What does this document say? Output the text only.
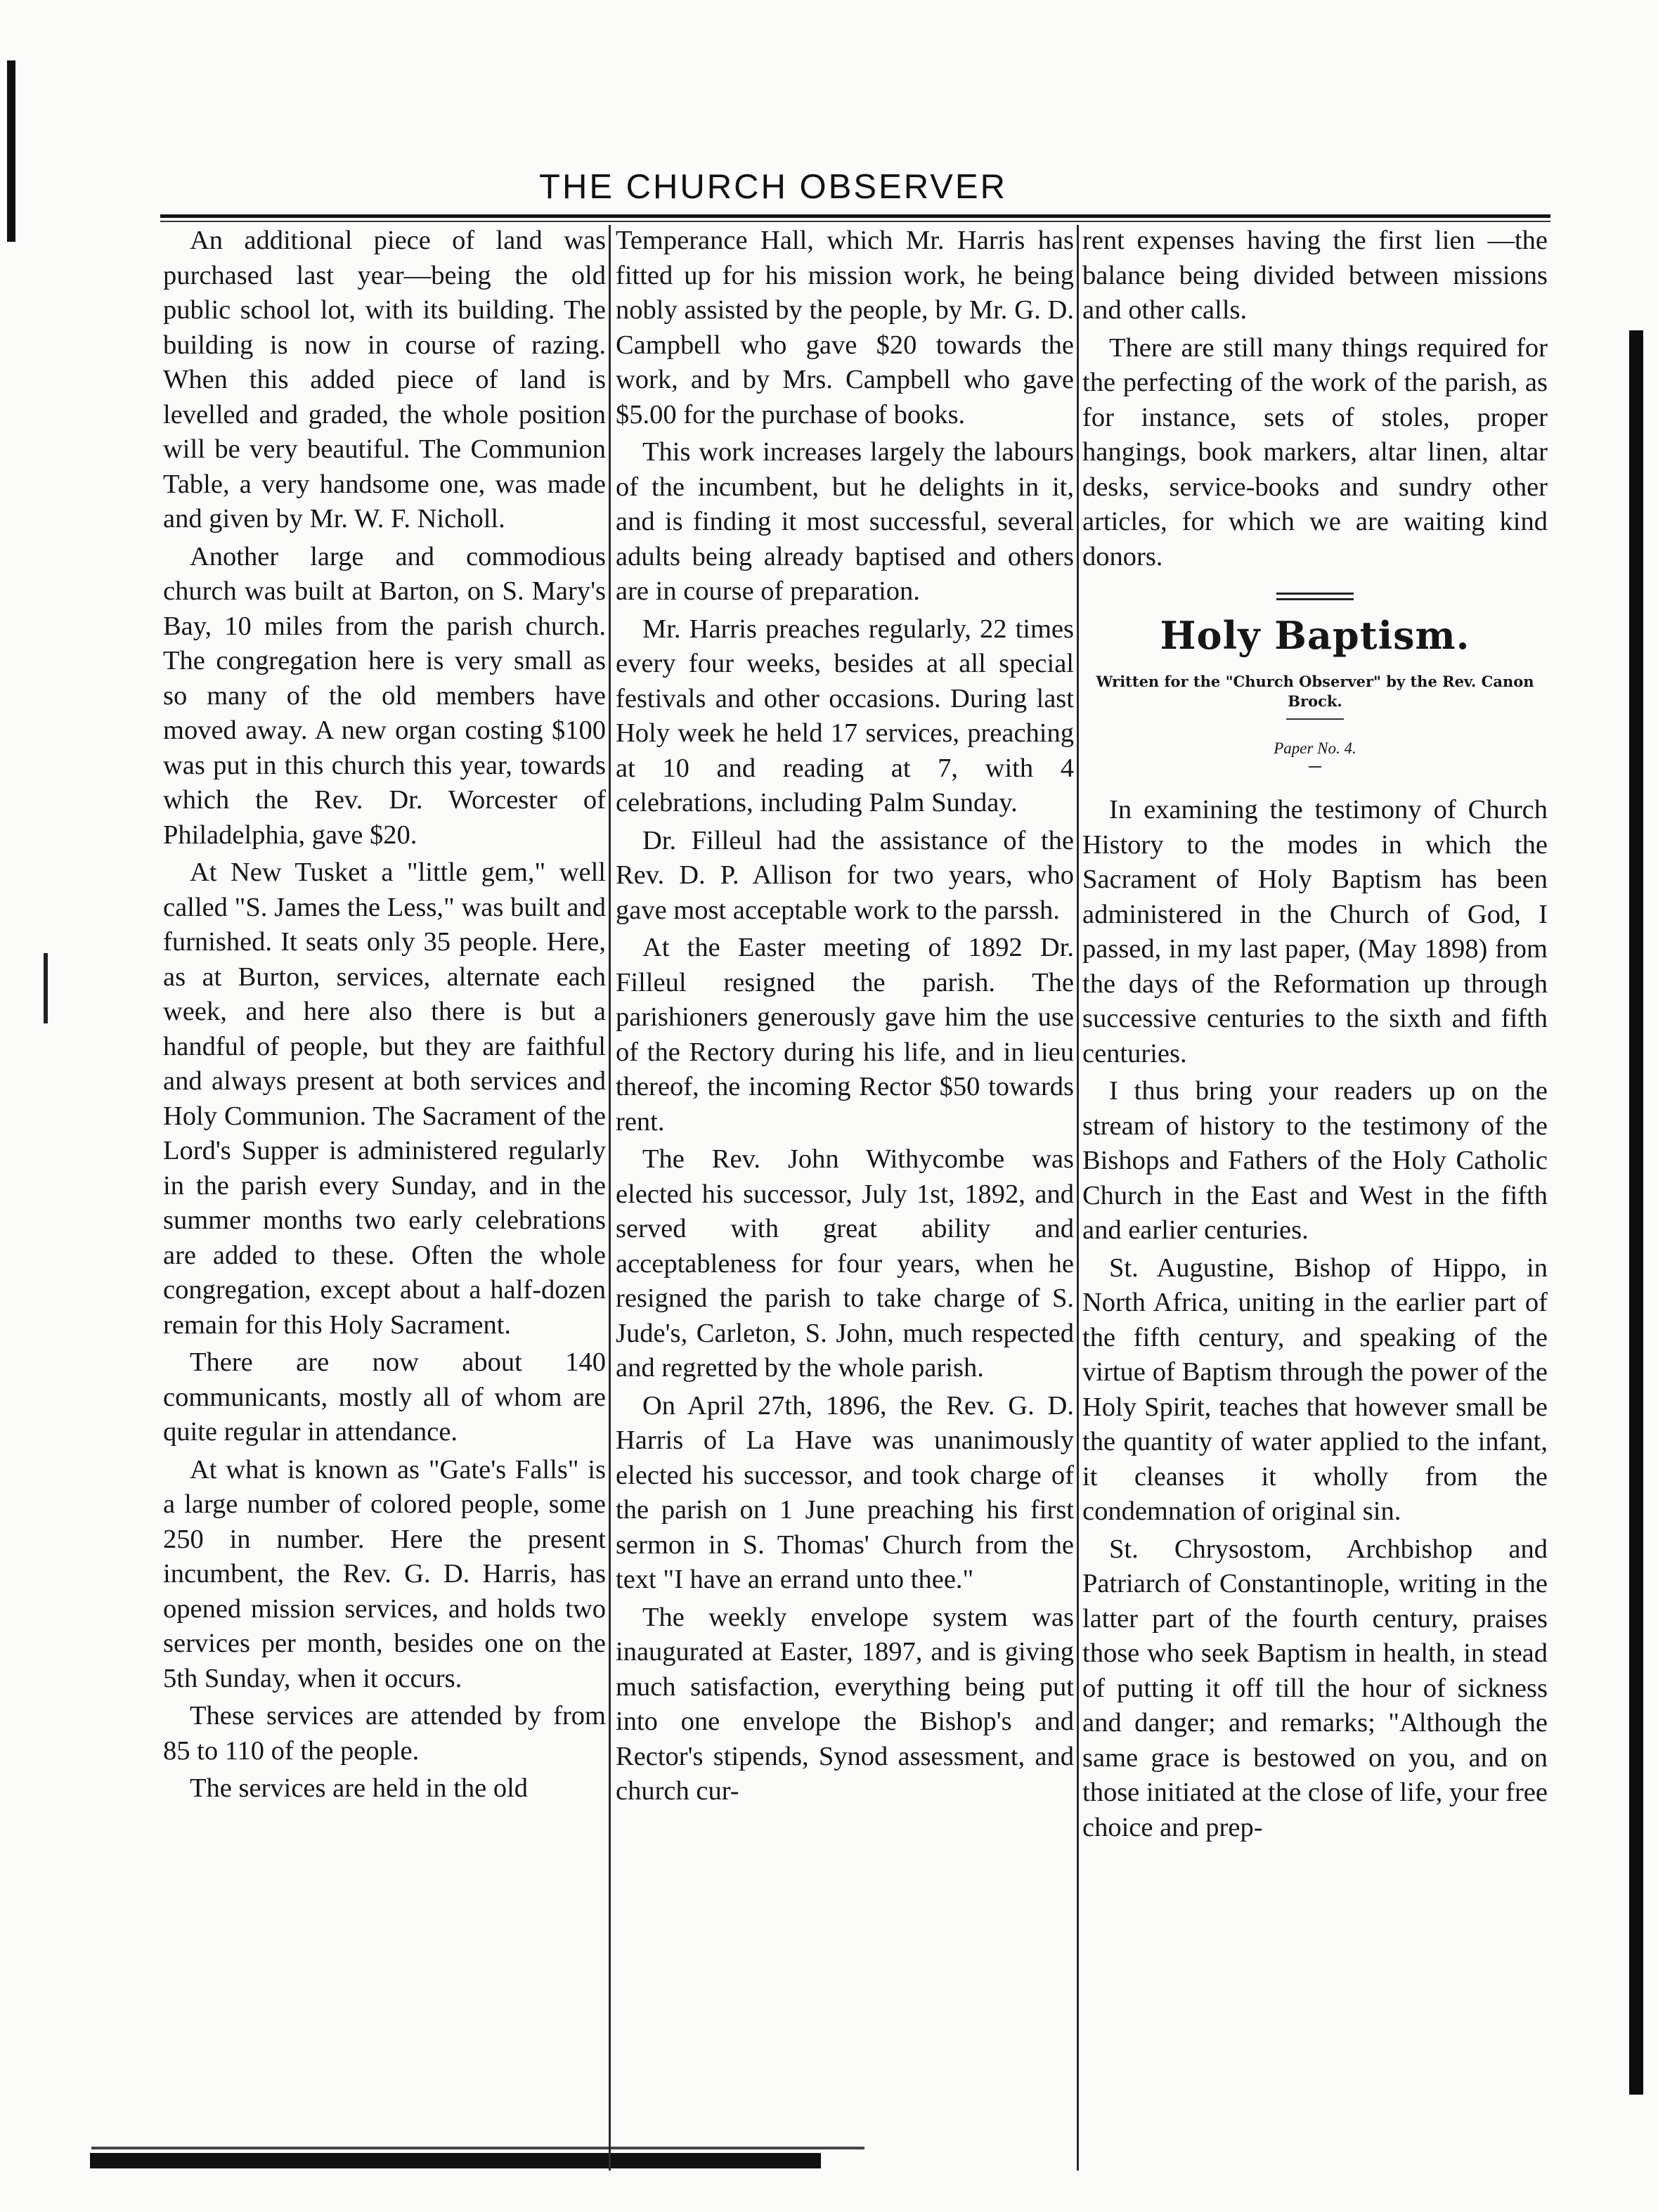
THE CHURCH OBSERVER

An additional piece of land was purchased last year—being the old public school lot, with its building. The building is now in course of razing. When this added piece of land is levelled and graded, the whole position will be very beautiful. The Communion Table, a very handsome one, was made and given by Mr. W. F. Nicholl.

Another large and commodious church was built at Barton, on S. Mary's Bay, 10 miles from the parish church. The congregation here is very small as so many of the old members have moved away. A new organ costing $100 was put in this church this year, towards which the Rev. Dr. Worcester of Philadelphia, gave $20.

At New Tusket a "little gem," well called "S. James the Less," was built and furnished. It seats only 35 people. Here, as at Burton, services, alternate each week, and here also there is but a handful of people, but they are faithful and always present at both services and Holy Communion. The Sacrament of the Lord's Supper is administered regularly in the parish every Sunday, and in the summer months two early celebrations are added to these. Often the whole congregation, except about a half-dozen remain for this Holy Sacrament.

There are now about 140 communicants, mostly all of whom are quite regular in attendance.

At what is known as "Gate's Falls" is a large number of colored people, some 250 in number. Here the present incumbent, the Rev. G. D. Harris, has opened mission services, and holds two services per month, besides one on the 5th Sunday, when it occurs.

These services are attended by from 85 to 110 of the people.

The services are held in the old

Temperance Hall, which Mr. Harris has fitted up for his mission work, he being nobly assisted by the people, by Mr. G. D. Campbell who gave $20 towards the work, and by Mrs. Campbell who gave $5.00 for the purchase of books.

This work increases largely the labours of the incumbent, but he delights in it, and is finding it most successful, several adults being already baptised and others are in course of preparation.

Mr. Harris preaches regularly, 22 times every four weeks, besides at all special festivals and other occasions. During last Holy week he held 17 services, preaching at 10 and reading at 7, with 4 celebrations, including Palm Sunday.

Dr. Filleul had the assistance of the Rev. D. P. Allison for two years, who gave most acceptable work to the parssh.

At the Easter meeting of 1892 Dr. Filleul resigned the parish. The parishioners generously gave him the use of the Rectory during his life, and in lieu thereof, the incoming Rector $50 towards rent.

The Rev. John Withycombe was elected his successor, July 1st, 1892, and served with great ability and acceptableness for four years, when he resigned the parish to take charge of S. Jude's, Carleton, S. John, much respected and regretted by the whole parish.

On April 27th, 1896, the Rev. G. D. Harris of La Have was unanimously elected his successor, and took charge of the parish on 1 June preaching his first sermon in S. Thomas' Church from the text "I have an errand unto thee."

The weekly envelope system was inaugurated at Easter, 1897, and is giving much satisfaction, everything being put into one envelope the Bishop's and Rector's stipends, Synod assessment, and church cur-

rent expenses having the first lien —the balance being divided between missions and other calls.

There are still many things required for the perfecting of the work of the parish, as for instance, sets of stoles, proper hangings, book markers, altar linen, altar desks, service-books and sundry other articles, for which we are waiting kind donors.

Holy Baptism.
Written for the "Church Observer" by the Rev. Canon Brock.
Paper No. 4.

In examining the testimony of Church History to the modes in which the Sacrament of Holy Baptism has been administered in the Church of God, I passed, in my last paper, (May 1898) from the days of the Reformation up through successive centuries to the sixth and fifth centuries.

I thus bring your readers up on the stream of history to the testimony of the Bishops and Fathers of the Holy Catholic Church in the East and West in the fifth and earlier centuries.

St. Augustine, Bishop of Hippo, in North Africa, uniting in the earlier part of the fifth century, and speaking of the virtue of Baptism through the power of the Holy Spirit, teaches that however small be the quantity of water applied to the infant, it cleanses it wholly from the condemnation of original sin.

St. Chrysostom, Archbishop and Patriarch of Constantinople, writing in the latter part of the fourth century, praises those who seek Baptism in health, in stead of putting it off till the hour of sickness and danger; and remarks; "Although the same grace is bestowed on you, and on those initiated at the close of life, your free choice and prep-
